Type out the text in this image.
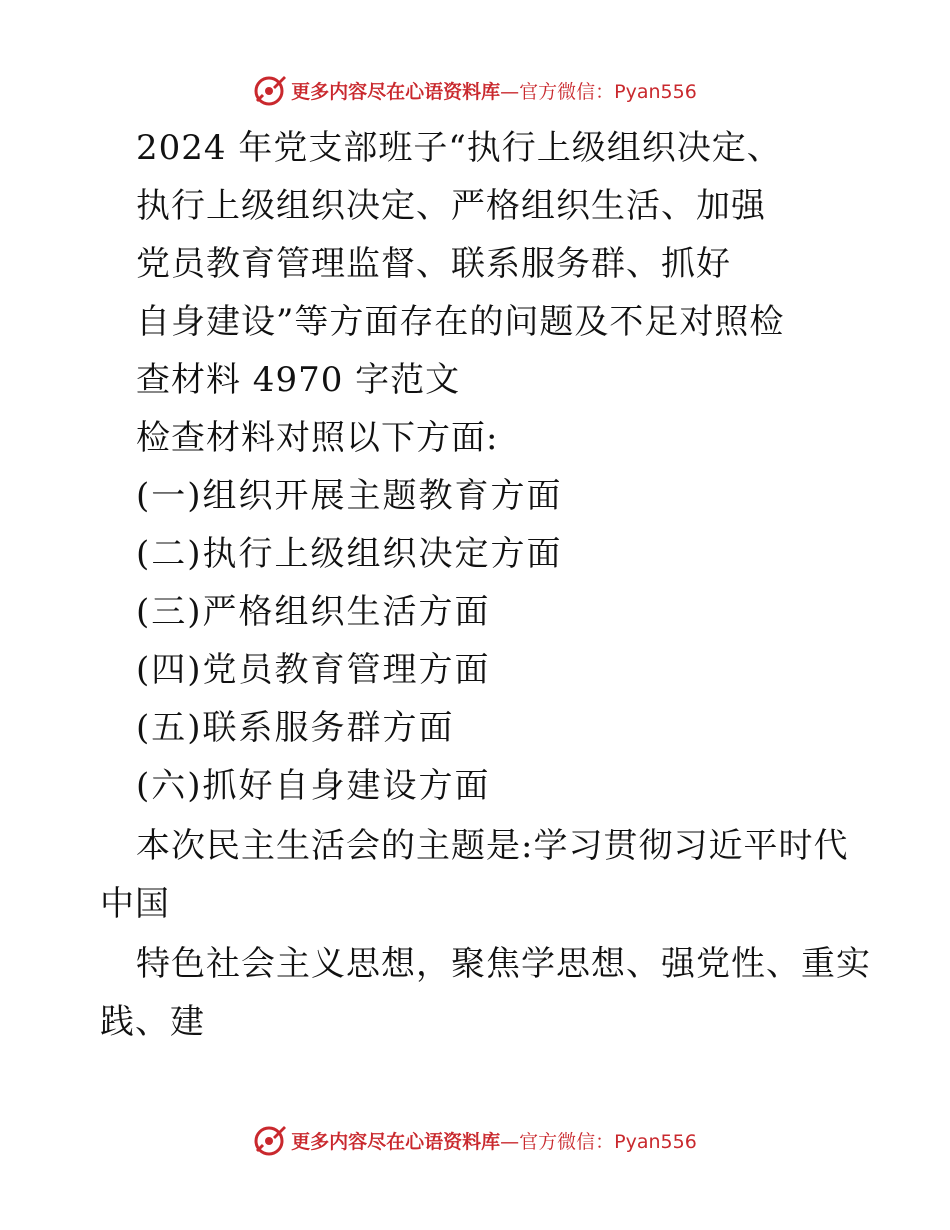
更多内容尽在心语资料库 —官方微信：Pyan556
2024 年党支部班子“执行上级组织决定、
执行上级组织决定、严格组织生活、加强
党员教育管理监督、联系服务群、抓好
自身建设”等方面存在的问题及不足对照检
查材料 4970 字范文
检查材料对照以下方面:
(一)组织开展主题教育方面
(二)执行上级组织决定方面
(三)严格组织生活方面
(四)党员教育管理方面
(五)联系服务群方面
(六)抓好自身建设方面
本次民主生活会的主题是:学习贯彻习近平时代
中国
特色社会主义思想，聚焦学思想、强党性、重实
践、建
更多内容尽在心语资料库 —官方微信：Pyan556
